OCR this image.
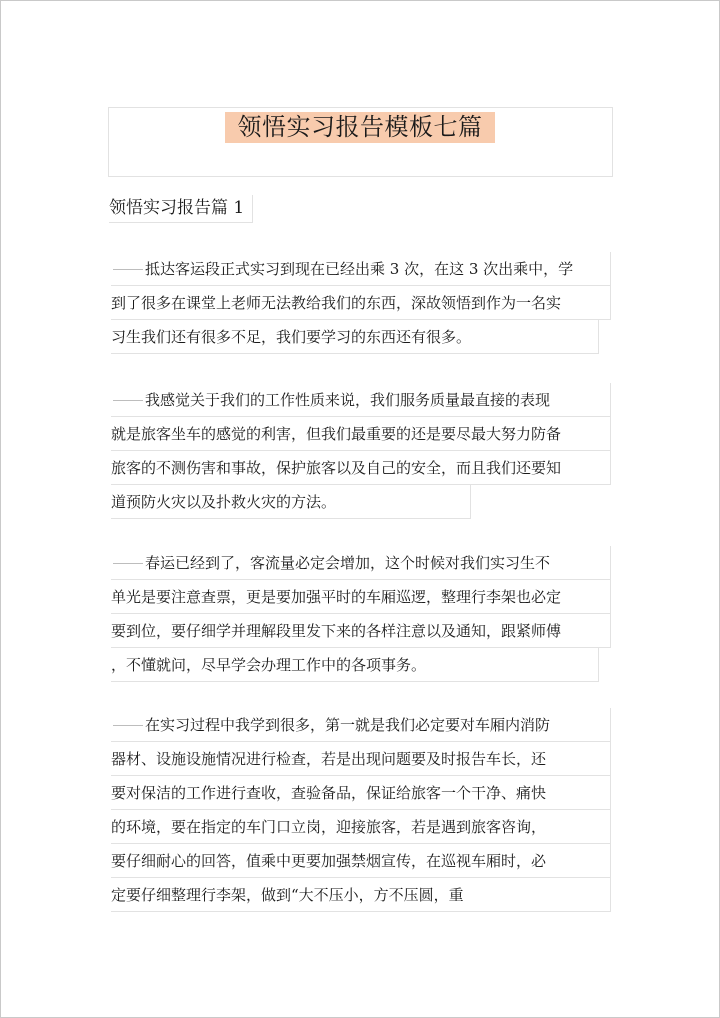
领悟实习报告模板七篇
领悟实习报告篇 1
抵达客运段正式实习到现在已经出乘 3 次，在这 3 次出乘中，学
到了很多在课堂上老师无法教给我们的东西，深故领悟到作为一名实
习生我们还有很多不足，我们要学习的东西还有很多。
我感觉关于我们的工作性质来说，我们服务质量最直接的表现
就是旅客坐车的感觉的利害，但我们最重要的还是要尽最大努力防备
旅客的不测伤害和事故，保护旅客以及自己的安全，而且我们还要知
道预防火灾以及扑救火灾的方法。
春运已经到了，客流量必定会增加，这个时候对我们实习生不
单光是要注意查票，更是要加强平时的车厢巡逻，整理行李架也必定
要到位，要仔细学并理解段里发下来的各样注意以及通知，跟紧师傅
，不懂就问，尽早学会办理工作中的各项事务。
在实习过程中我学到很多，第一就是我们必定要对车厢内消防
器材、设施设施情况进行检查，若是出现问题要及时报告车长，还
要对保洁的工作进行查收，查验备品，保证给旅客一个干净、痛快
的环境，要在指定的车门口立岗，迎接旅客，若是遇到旅客咨询，
要仔细耐心的回答，值乘中更要加强禁烟宣传，在巡视车厢时，必
定要仔细整理行李架，做到“大不压小，方不压圆，重
